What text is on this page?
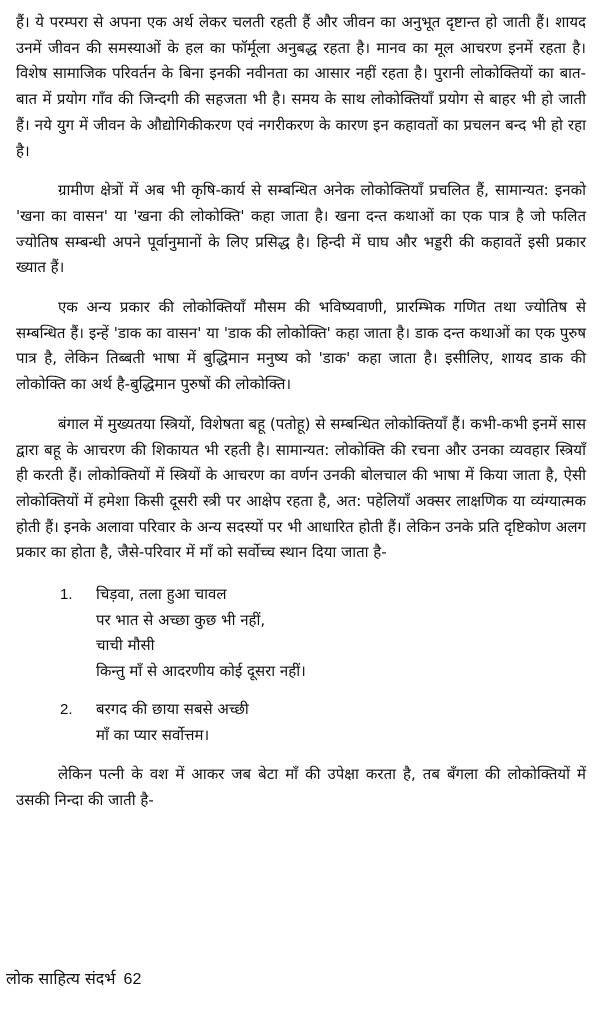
हैं। ये परम्परा से अपना एक अर्थ लेकर चलती रहती हैं और जीवन का अनुभूत दृष्टान्त हो जाती हैं। शायद उनमें जीवन की समस्याओं के हल का फॉर्मूला अनुबद्ध रहता है। मानव का मूल आचरण इनमें रहता है। विशेष सामाजिक परिवर्तन के बिना इनकी नवीनता का आसार नहीं रहता है। पुरानी लोकोक्तियों का बात-बात में प्रयोग गाँव की जिन्दगी की सहजता भी है। समय के साथ लोकोक्तियाँ प्रयोग से बाहर भी हो जाती हैं। नये युग में जीवन के औद्योगिकीकरण एवं नगरीकरण के कारण इन कहावतों का प्रचलन बन्द भी हो रहा है।

ग्रामीण क्षेत्रों में अब भी कृषि-कार्य से सम्बन्धित अनेक लोकोक्तियाँ प्रचलित हैं, सामान्यत: इनको 'खना का वासन' या 'खना की लोकोक्ति' कहा जाता है। खना दन्त कथाओं का एक पात्र है जो फलित ज्योतिष सम्बन्धी अपने पूर्वानुमानों के लिए प्रसिद्ध है। हिन्दी में घाघ और भड्डरी की कहावतें इसी प्रकार ख्यात हैं।

एक अन्य प्रकार की लोकोक्तियाँ मौसम की भविष्यवाणी, प्रारम्भिक गणित तथा ज्योतिष से सम्बन्धित हैं। इन्हें 'डाक का वासन' या 'डाक की लोकोक्ति' कहा जाता है। डाक दन्त कथाओं का एक पुरुष पात्र है, लेकिन तिब्बती भाषा में बुद्धिमान मनुष्य को 'डाक' कहा जाता है। इसीलिए, शायद डाक की लोकोक्ति का अर्थ है-बुद्धिमान पुरुषों की लोकोक्ति।

बंगाल में मुख्यतया स्त्रियों, विशेषता बहू (पतोहू) से सम्बन्धित लोकोक्तियाँ हैं। कभी-कभी इनमें सास द्वारा बहू के आचरण की शिकायत भी रहती है। सामान्यत: लोकोक्ति की रचना और उनका व्यवहार स्त्रियाँ ही करती हैं। लोकोक्तियों में स्त्रियों के आचरण का वर्णन उनकी बोलचाल की भाषा में किया जाता है, ऐसी लोकोक्तियों में हमेशा किसी दूसरी स्त्री पर आक्षेप रहता है, अत: पहेलियाँ अक्सर लाक्षणिक या व्यंग्यात्मक होती हैं। इनके अलावा परिवार के अन्य सदस्यों पर भी आधारित होती हैं। लेकिन उनके प्रति दृष्टिकोण अलग प्रकार का होता है, जैसे-परिवार में माँ को सर्वोच्च स्थान दिया जाता है-

1.	चिड़वा, तला हुआ चावल
पर भात से अच्छा कुछ भी नहीं,
चाची मौसी
किन्तु माँ से आदरणीय कोई दूसरा नहीं।
2.	बरगद की छाया सबसे अच्छी
माँ का प्यार सर्वोत्तम।

लेकिन पत्नी के वश में आकर जब बेटा माँ की उपेक्षा करता है, तब बँगला की लोकोक्तियों में उसकी निन्दा की जाती है-

लोक साहित्य संदर्भ 62
